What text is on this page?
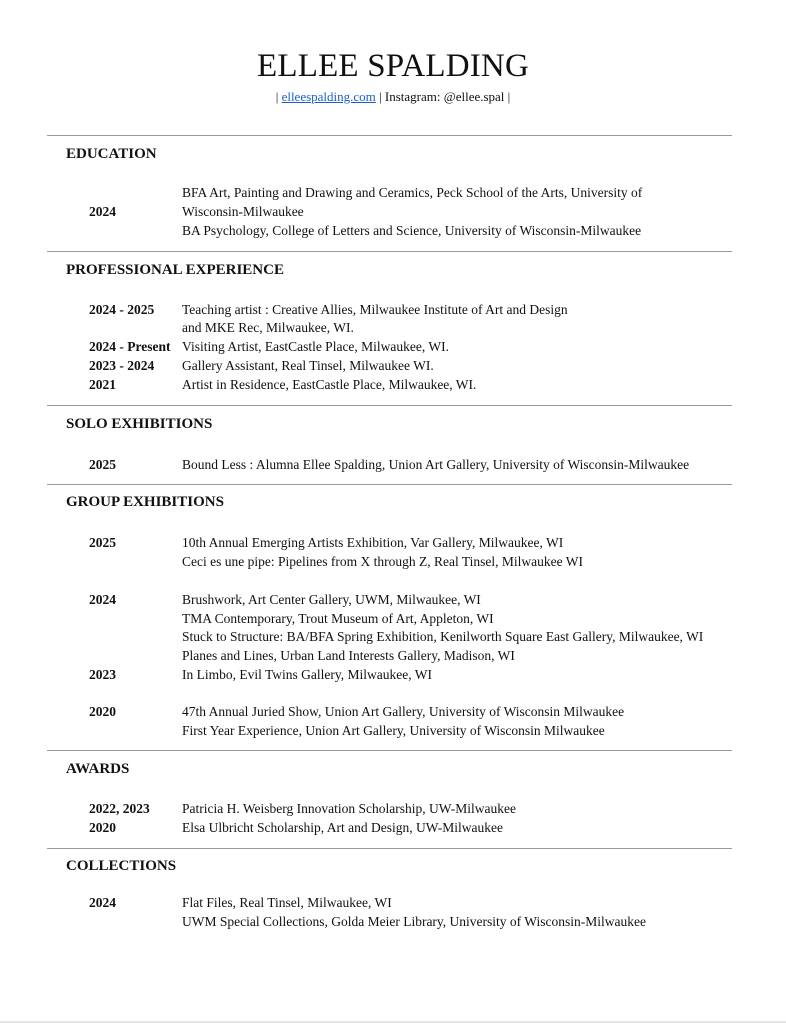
ELLEE SPALDING
| elleespalding.com | Instagram: @ellee.spal |
EDUCATION
2024
BFA Art, Painting and Drawing and Ceramics, Peck School of the Arts, University of
Wisconsin-Milwaukee
BA Psychology, College of Letters and Science, University of Wisconsin-Milwaukee
PROFESSIONAL EXPERIENCE
2024 - 2025 Teaching artist : Creative Allies, Milwaukee Institute of Art and Design
and MKE Rec, Milwaukee, WI.
2024 - Present Visiting Artist, EastCastle Place, Milwaukee, WI.
2023 - 2024 Gallery Assistant, Real Tinsel, Milwaukee WI.
2021	Artist in Residence, EastCastle Place, Milwaukee, WI.
SOLO EXHIBITIONS
2025	Bound Less : Alumna Ellee Spalding, Union Art Gallery, University of Wisconsin-Milwaukee
GROUP EXHIBITIONS
2025	10th Annual Emerging Artists Exhibition, Var Gallery, Milwaukee, WI
Ceci es une pipe: Pipelines from X through Z, Real Tinsel, Milwaukee WI
2024	Brushwork, Art Center Gallery, UWM, Milwaukee, WI
TMA Contemporary, Trout Museum of Art, Appleton, WI
Stuck to Structure: BA/BFA Spring Exhibition, Kenilworth Square East Gallery, Milwaukee, WI
Planes and Lines, Urban Land Interests Gallery, Madison, WI
2023	In Limbo, Evil Twins Gallery, Milwaukee, WI
2020	47th Annual Juried Show, Union Art Gallery, University of Wisconsin Milwaukee
First Year Experience, Union Art Gallery, University of Wisconsin Milwaukee
AWARDS
2022, 2023 Patricia H. Weisberg Innovation Scholarship, UW-Milwaukee
2020	Elsa Ulbricht Scholarship, Art and Design, UW-Milwaukee
COLLECTIONS
2024	Flat Files, Real Tinsel, Milwaukee, WI
UWM Special Collections, Golda Meier Library, University of Wisconsin-Milwaukee
